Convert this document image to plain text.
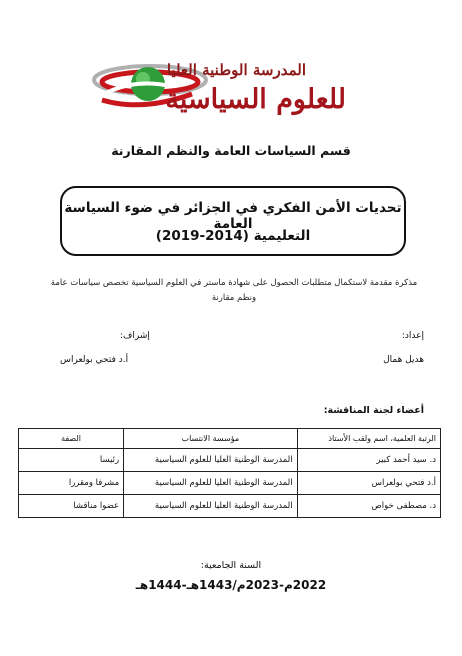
المدرسة الوطنية العليا
للعلوم السياسية
قسم السياسات العامة والنظم المقارنة
تحديات الأمن الفكري في الجزائر في ضوء السياسة العامة
التعليمية (2014-2019)
مذكرة مقدمة لاستكمال متطلبات الحصول على شهادة ماستر في العلوم السياسية تخصص سياسات عامة ونظم مقارنة
إعداد:
هديل همال
إشراف:
أ.د فتحي بولعراس
أعضاء لجنة المناقشة:
الرتبة العلمية، اسم ولقب الأستاذ	مؤسسة الانتساب	الصفة
د. سيد أحمد كبير	المدرسة الوطنية العليا للعلوم السياسية	رئيسا
أ.د فتحي بولعراس	المدرسة الوطنية العليا للعلوم السياسية	مشرفا ومقررا
د. مصطفى خواص	المدرسة الوطنية العليا للعلوم السياسية	عضوا مناقشا
السنة الجامعية:
2022م-2023م/1443هـ-1444هـ
